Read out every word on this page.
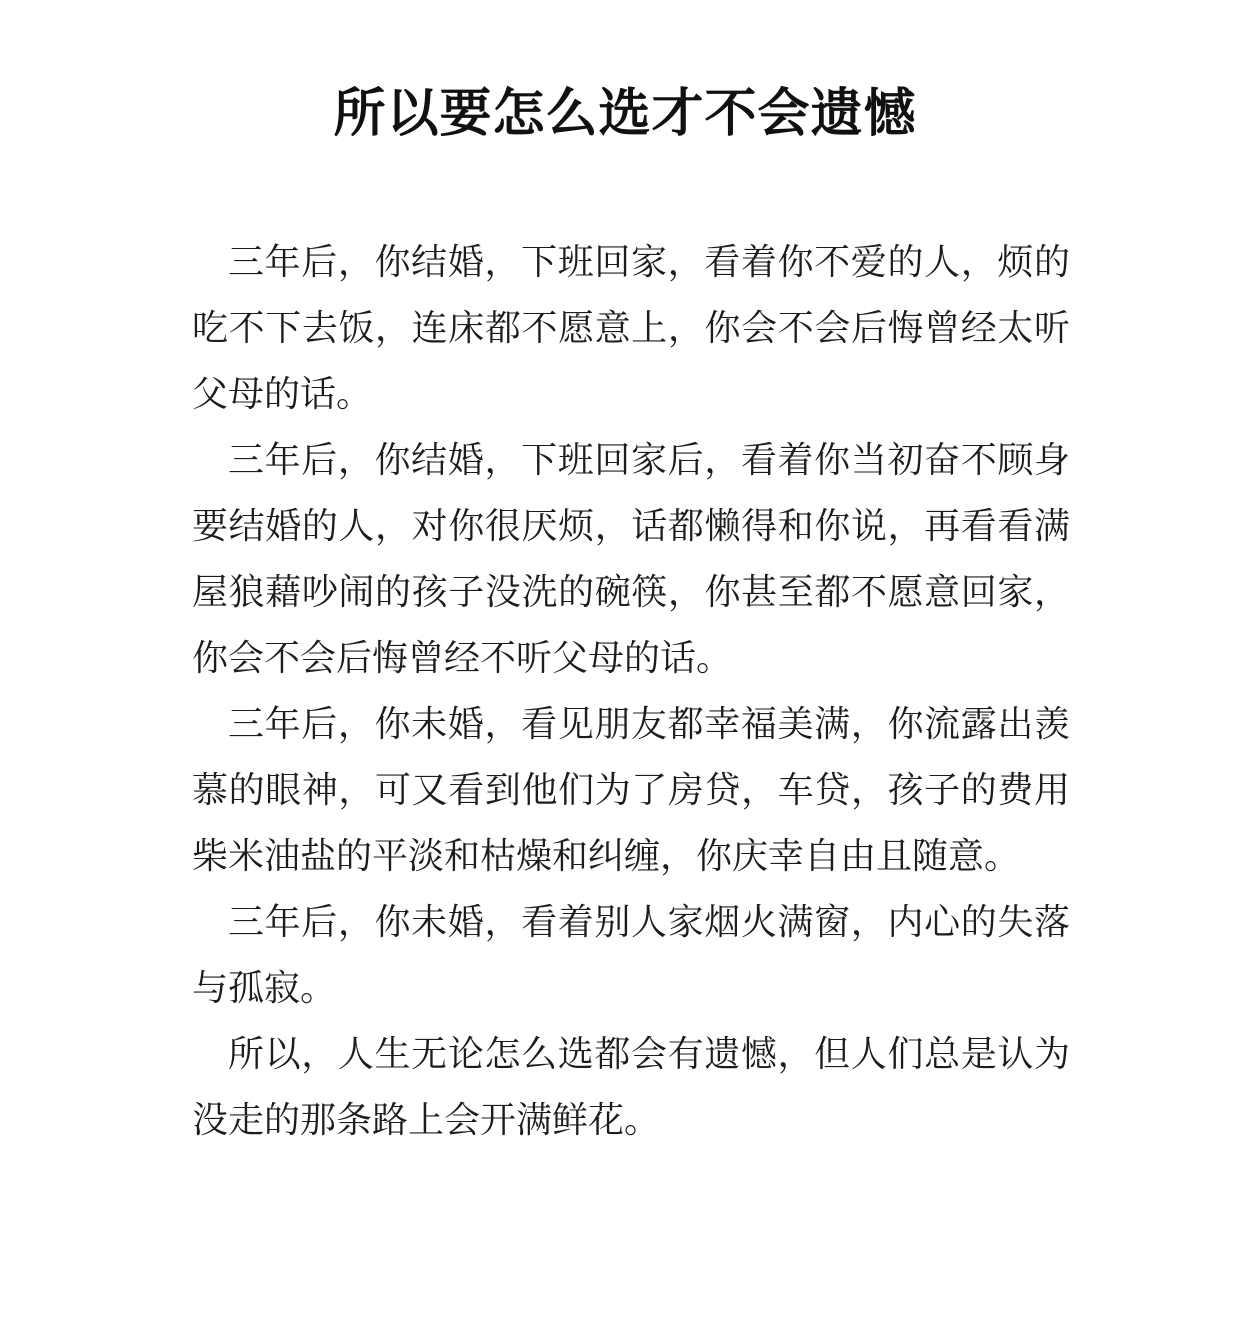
所以要怎么选才不会遗憾

三年后，你结婚，下班回家，看着你不爱的人，烦的吃不下去饭，连床都不愿意上，你会不会后悔曾经太听父母的话。

三年后，你结婚，下班回家后，看着你当初奋不顾身要结婚的人，对你很厌烦，话都懒得和你说，再看看满屋狼藉吵闹的孩子没洗的碗筷，你甚至都不愿意回家，你会不会后悔曾经不听父母的话。

三年后，你未婚，看见朋友都幸福美满，你流露出羡慕的眼神，可又看到他们为了房贷，车贷，孩子的费用柴米油盐的平淡和枯燥和纠缠，你庆幸自由且随意。

三年后，你未婚，看着别人家烟火满窗，内心的失落与孤寂。

所以，人生无论怎么选都会有遗憾，但人们总是认为没走的那条路上会开满鲜花。
